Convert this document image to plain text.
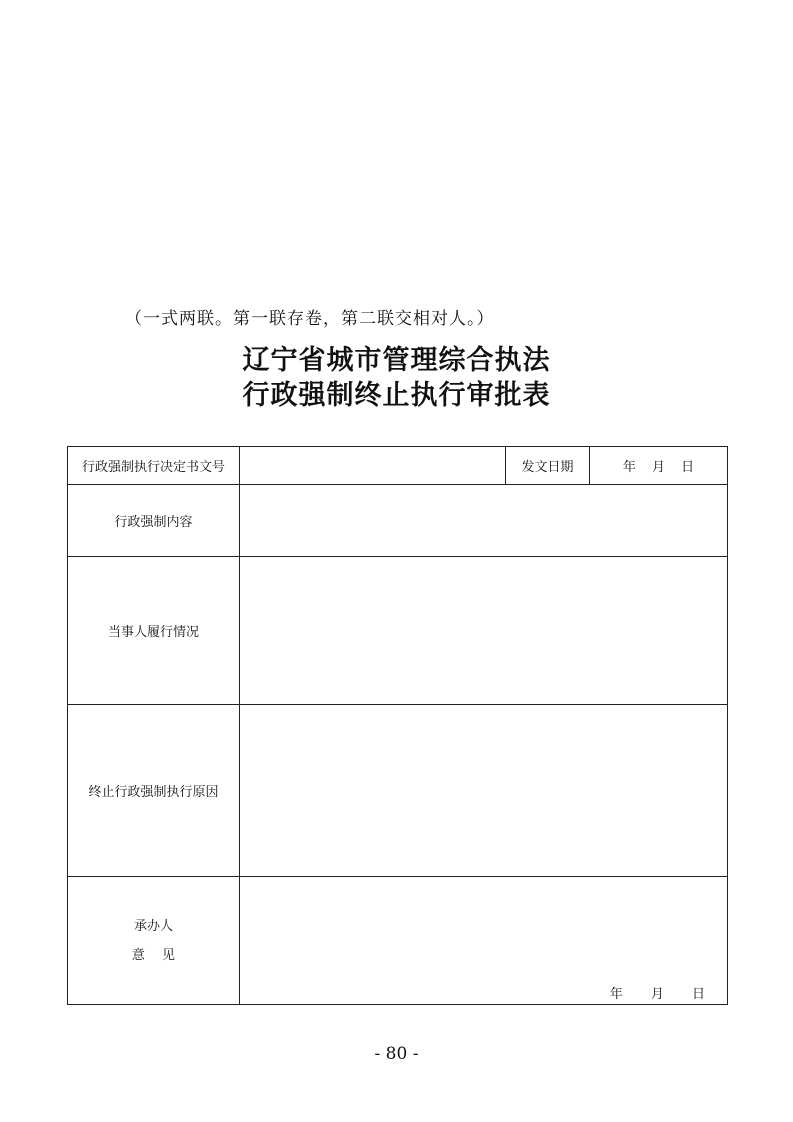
（一式两联。第一联存卷，第二联交相对人。）
辽宁省城市管理综合执法
行政强制终止执行审批表
行政强制执行决定书文号		发文日期	年 月 日
行政强制内容			
当事人履行情况			
终止行政强制执行原因			

承办人
意　 见	年 月 日		
- 80 -
